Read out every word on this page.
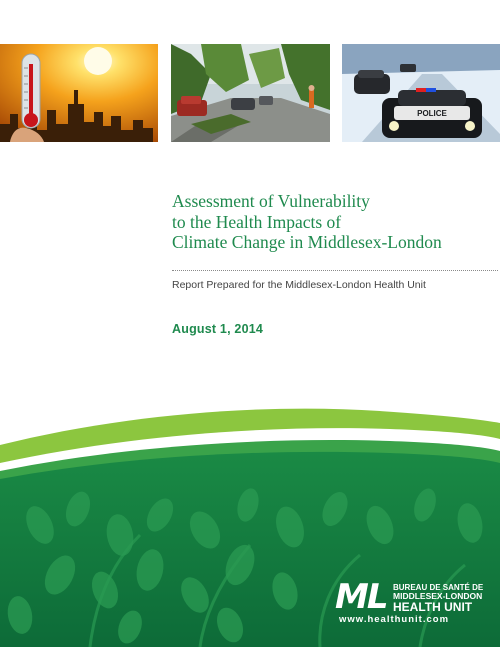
POLICE
Assessment of Vulnerability
to the Health Impacts of
Climate Change in Middlesex-London
Report Prepared for the Middlesex-London Health Unit
August 1, 2014
ML BUREAU DE SANTÉ DE
MIDDLESEX-LONDON
HEALTH UNIT
www.healthunit.com
